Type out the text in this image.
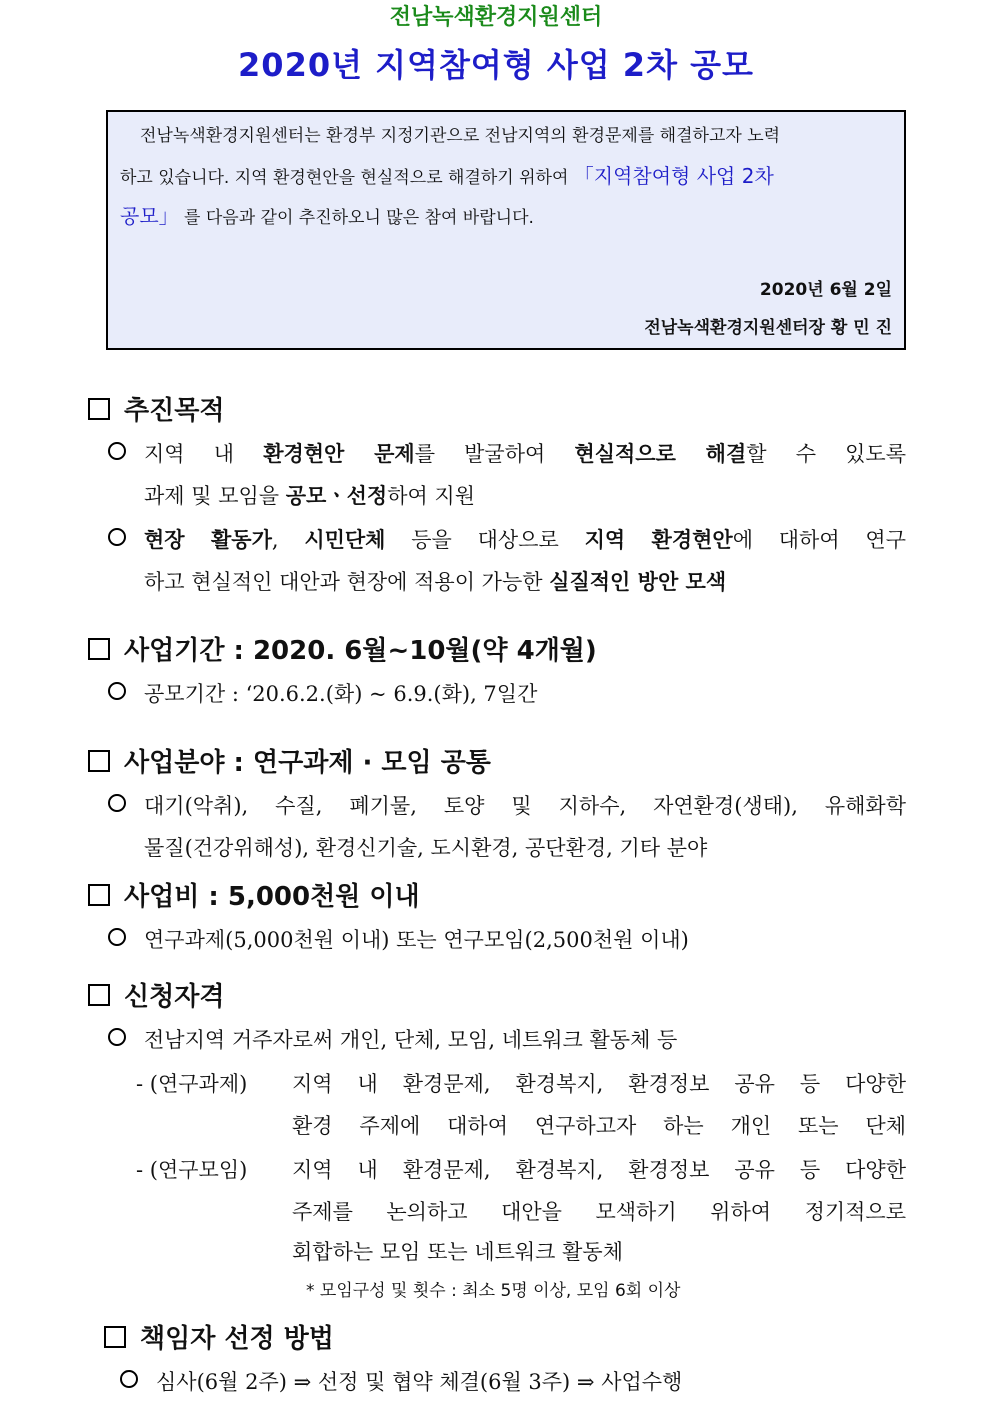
전남녹색환경지원센터
2020년 지역참여형 사업 2차 공모

전남녹색환경지원센터는 환경부 지정기관으로 전남지역의 환경문제를 해결하고자 노력

하고 있습니다. 지역 환경현안을 현실적으로 해결하기 위하여 「지역참여형 사업 2차

공모」 를 다음과 같이 추진하오니 많은 참여 바랍니다.

2020년 6월 2일

전남녹색환경지원센터장 황 민 진

추진목적
지역 내 환경현안 문제를 발굴하여 현실적으로 해결할 수 있도록
과제 및 모임을 공모ㆍ선정하여 지원
현장 활동가, 시민단체 등을 대상으로 지역 환경현안에 대하여 연구
하고 현실적인 대안과 현장에 적용이 가능한 실질적인 방안 모색
사업기간 : 2020. 6월~10월(약 4개월)
공모기간 : ‘20.6.2.(화) ~ 6.9.(화), 7일간
사업분야 : 연구과제 · 모임 공통
대기(악취), 수질, 폐기물, 토양 및 지하수, 자연환경(생태), 유해화학
물질(건강위해성), 환경신기술, 도시환경, 공단환경, 기타 분야
사업비 : 5,000천원 이내
연구과제(5,000천원 이내) 또는 연구모임(2,500천원 이내)
신청자격
전남지역 거주자로써 개인, 단체, 모임, 네트워크 활동체 등
- (연구과제) 지역 내 환경문제, 환경복지, 환경정보 공유 등 다양한
환경 주제에 대하여 연구하고자 하는 개인 또는 단체
- (연구모임) 지역 내 환경문제, 환경복지, 환경정보 공유 등 다양한
주제를 논의하고 대안을 모색하기 위하여 정기적으로
회합하는 모임 또는 네트워크 활동체
* 모임구성 및 횟수 : 최소 5명 이상, 모임 6회 이상
책임자 선정 방법
심사(6월 2주) ⇒ 선정 및 협약 체결(6월 3주) ⇒ 사업수행
